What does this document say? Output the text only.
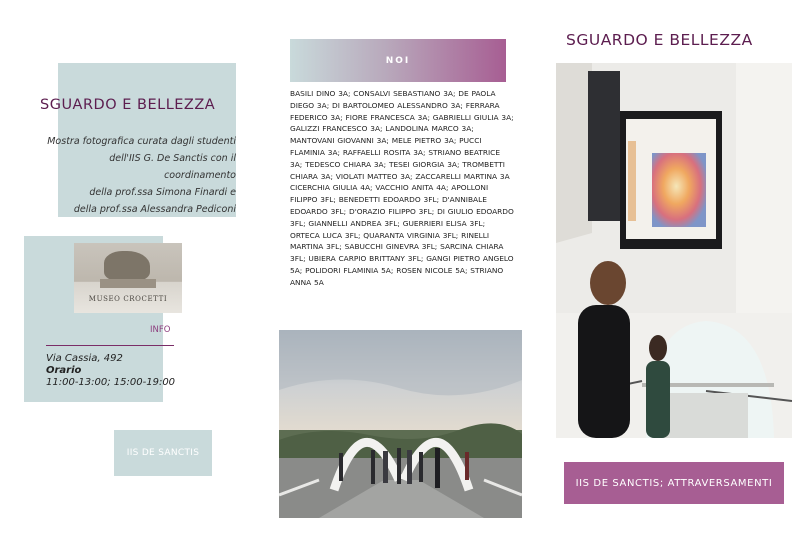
SGUARDO E BELLEZZA
Mostra fotografica curata dagli studenti
dell'IIS G. De Sanctis con il coordinamento
della prof.ssa Simona Finardi e
della prof.ssa Alessandra Pediconi
MUSEO CROCETTI
INFO
Via Cassia, 492
Orario
11:00-13:00; 15:00-19:00
IIS DE SANCTIS
NOI
BASILI DINO 3A; CONSALVI SEBASTIANO 3A; DE PAOLA DIEGO 3A; DI BARTOLOMEO ALESSANDRO 3A; FERRARA FEDERICO 3A; FIORE FRANCESCA 3A; GABRIELLI GIULIA 3A; GALIZZI FRANCESCO 3A; LANDOLINA MARCO 3A; MANTOVANI GIOVANNI 3A; MELE PIETRO 3A; PUCCI FLAMINIA 3A; RAFFAELLI ROSITA 3A; STRIANO BEATRICE 3A; TEDESCO CHIARA 3A; TESEI GIORGIA 3A; TROMBETTI CHIARA 3A; VIOLATI MATTEO 3A; ZACCARELLI MARTINA 3A CICERCHIA GIULIA 4A; VACCHIO ANITA 4A; APOLLONI FILIPPO 3FL; BENEDETTI EDOARDO 3FL; D'ANNIBALE EDOARDO 3FL; D'ORAZIO FILIPPO 3FL; DI GIULIO EDOARDO 3FL; GIANNELLI ANDREA 3FL; GUERRIERI ELISA 3FL; ORTECA LUCA 3FL; QUARANTA VIRGINIA 3FL; RINELLI MARTINA 3FL; SABUCCHI GINEVRA 3FL; SARCINA CHIARA 3FL; UBIERA CARPIO BRITTANY 3FL; GANGI PIETRO ANGELO 5A; POLIDORI FLAMINIA 5A; ROSEN NICOLE 5A; STRIANO ANNA 5A
SGUARDO E BELLEZZA
IIS DE SANCTIS; ATTRAVERSAMENTI
